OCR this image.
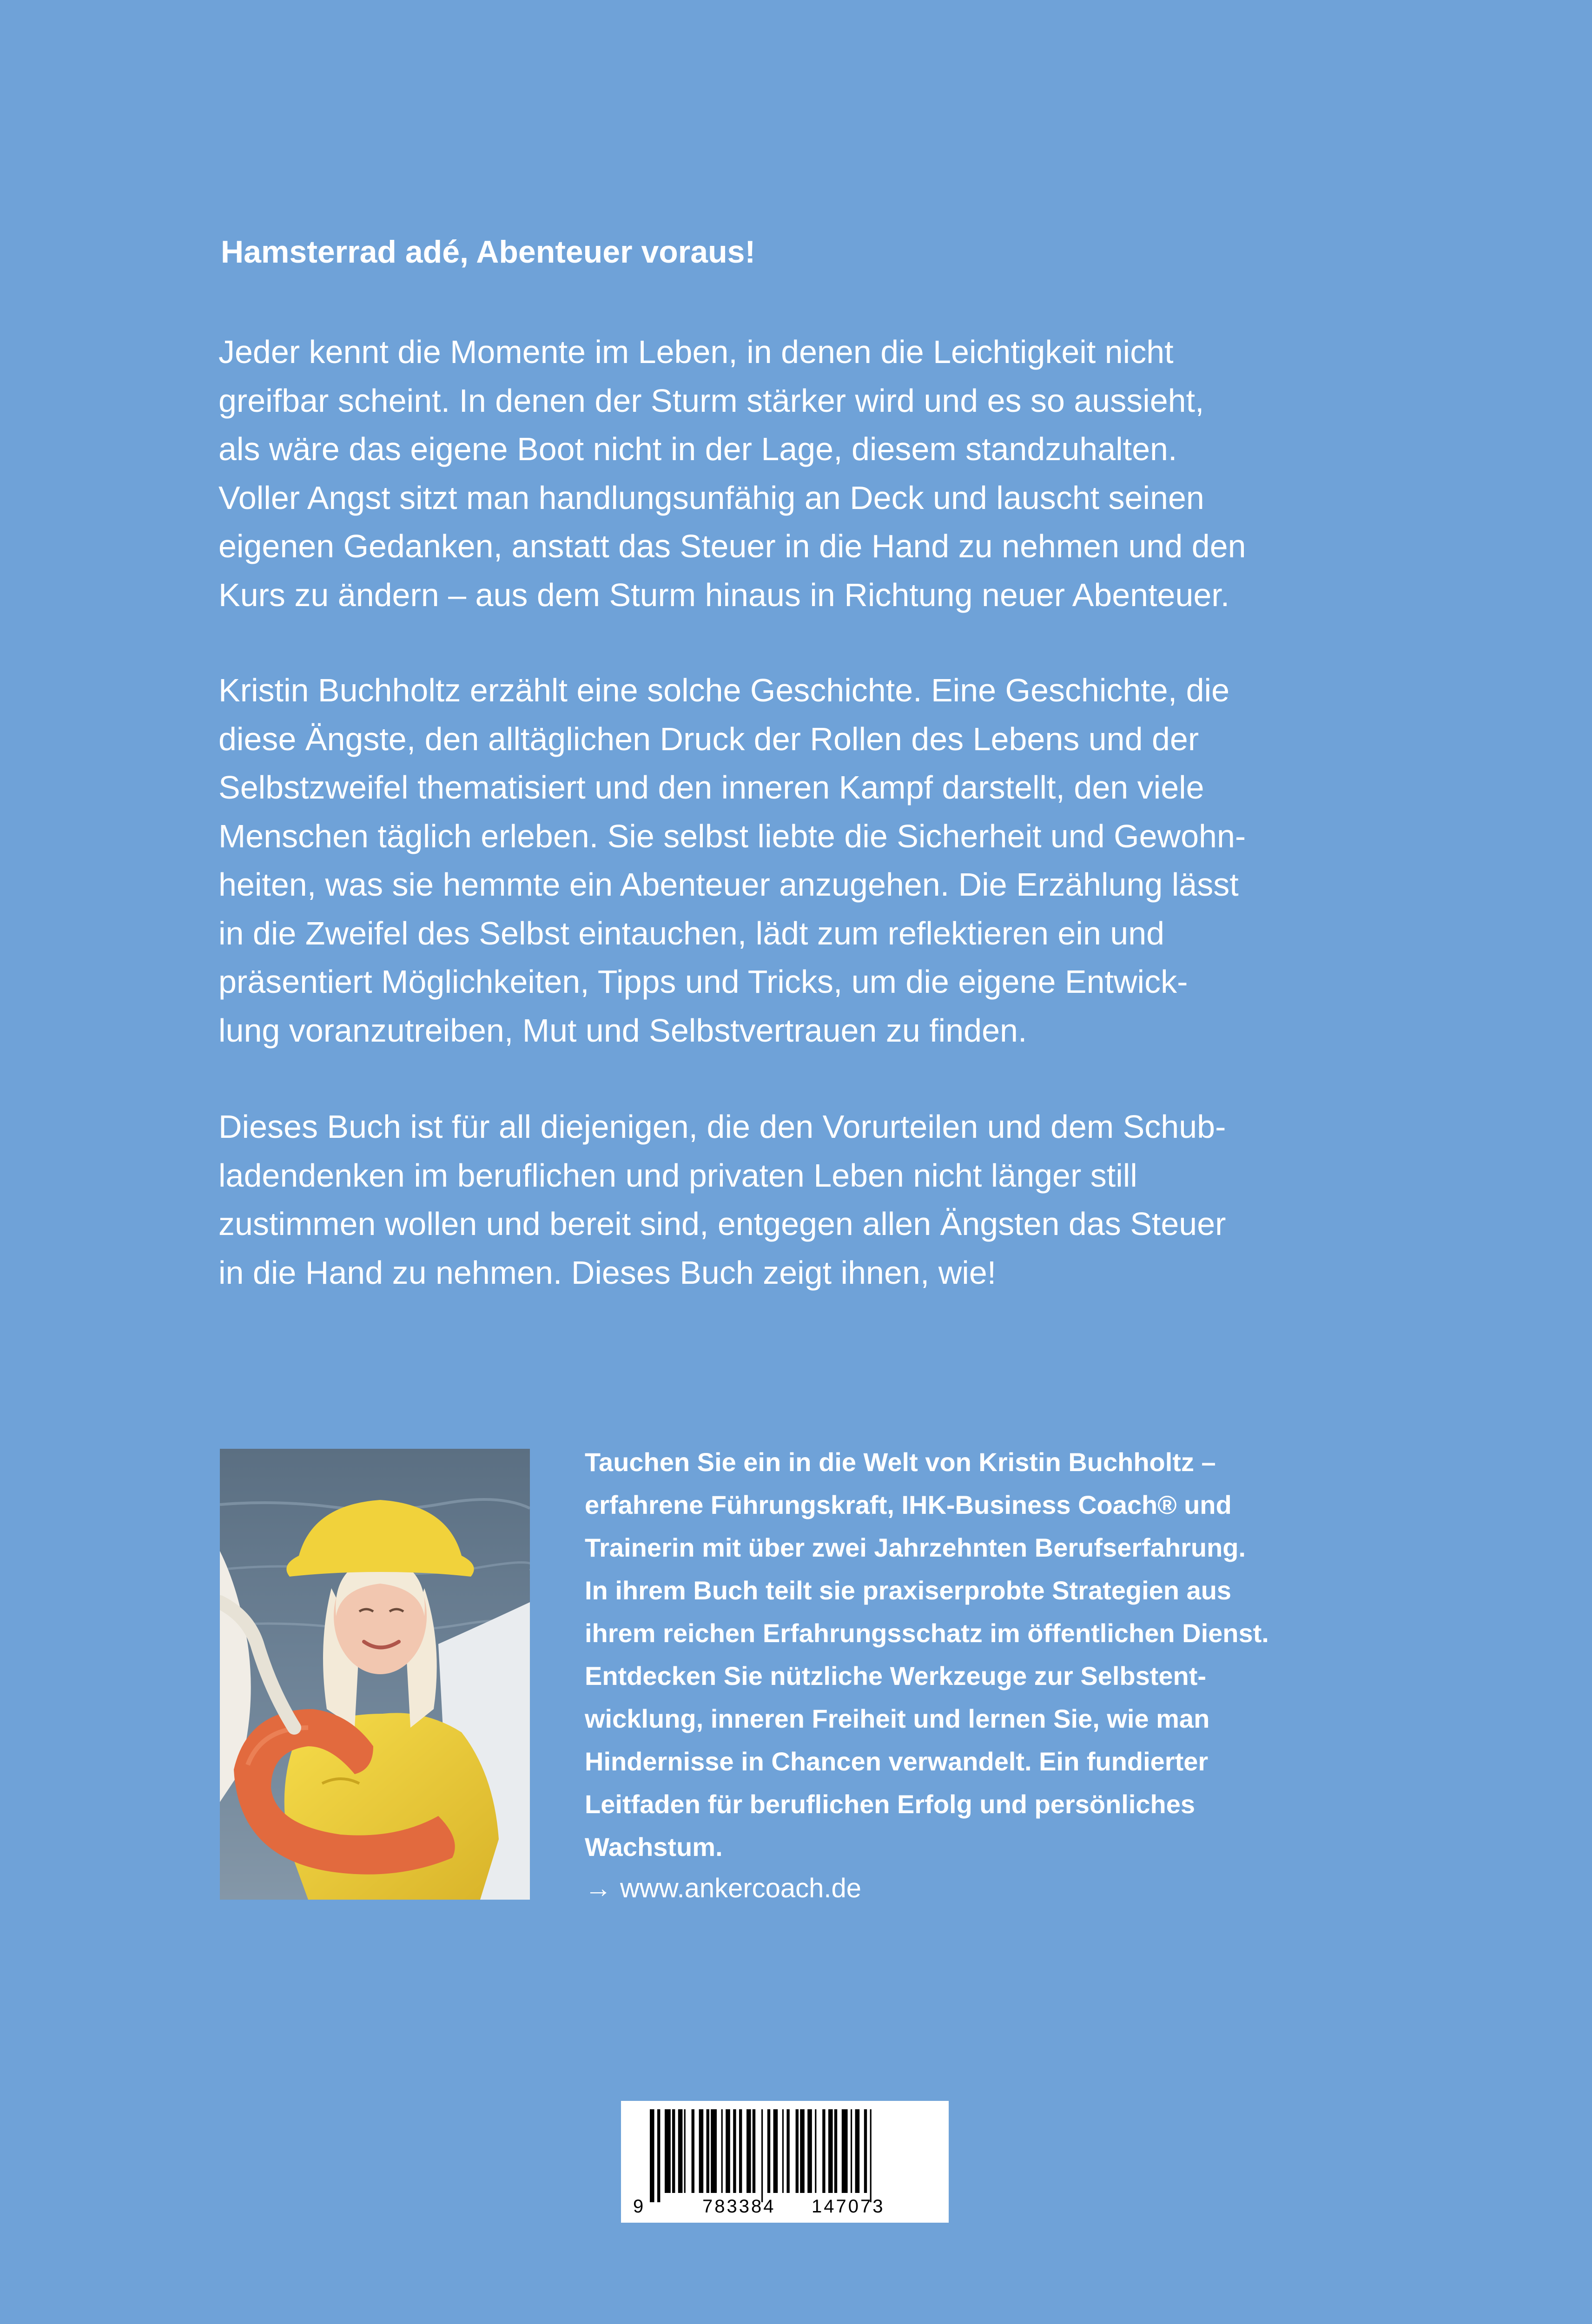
Hamsterrad adé, Abenteuer voraus!

Jeder kennt die Momente im Leben, in denen die Leichtigkeit nicht
greifbar scheint. In denen der Sturm stärker wird und es so aussieht,
als wäre das eigene Boot nicht in der Lage, diesem standzuhalten.
Voller Angst sitzt man handlungsunfähig an Deck und lauscht seinen
eigenen Gedanken, anstatt das Steuer in die Hand zu nehmen und den
Kurs zu ändern – aus dem Sturm hinaus in Richtung neuer Abenteuer.

Kristin Buchholtz erzählt eine solche Geschichte. Eine Geschichte, die
diese Ängste, den alltäglichen Druck der Rollen des Lebens und der
Selbstzweifel thematisiert und den inneren Kampf darstellt, den viele
Menschen täglich erleben. Sie selbst liebte die Sicherheit und Gewohn-
heiten, was sie hemmte ein Abenteuer anzugehen. Die Erzählung lässt
in die Zweifel des Selbst eintauchen, lädt zum reflektieren ein und
präsentiert Möglichkeiten, Tipps und Tricks, um die eigene Entwick-
lung voranzutreiben, Mut und Selbstvertrauen zu finden.

Dieses Buch ist für all diejenigen, die den Vorurteilen und dem Schub-
ladendenken im beruflichen und privaten Leben nicht länger still
zustimmen wollen und bereit sind, entgegen allen Ängsten das Steuer
in die Hand zu nehmen. Dieses Buch zeigt ihnen, wie!

Tauchen Sie ein in die Welt von Kristin Buchholtz –
erfahrene Führungskraft, IHK-Business Coach® und
Trainerin mit über zwei Jahrzehnten Berufserfahrung.
In ihrem Buch teilt sie praxiserprobte Strategien aus
ihrem reichen Erfahrungsschatz im öffentlichen Dienst.
Entdecken Sie nützliche Werkzeuge zur Selbstent-
wicklung, inneren Freiheit und lernen Sie, wie man
Hindernisse in Chancen verwandelt. Ein fundierter
Leitfaden für beruflichen Erfolg und persönliches
Wachstum.

→ www.ankercoach.de
9	783384 147073
